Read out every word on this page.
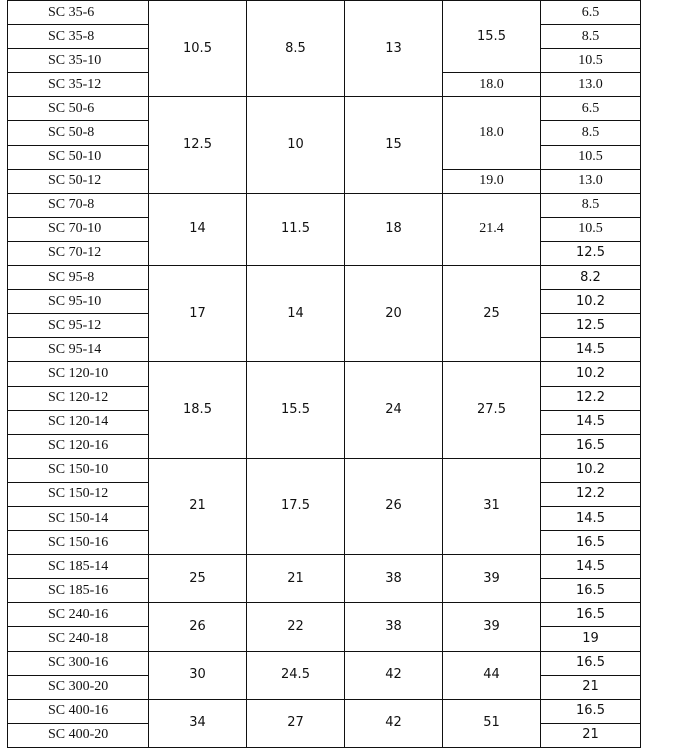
SC 35-6	10.5	8.5	13	15.5	6.5
SC 35-8					8.5
SC 35-10					10.5
SC 35-12				18.0	13.0
SC 50-6	12.5	10	15	18.0	6.5
SC 50-8					8.5
SC 50-10					10.5
SC 50-12				19.0	13.0
SC 70-8	14	11.5	18	21.4	8.5
SC 70-10					10.5
SC 70-12					12.5
SC 95-8	17	14	20	25	8.2
SC 95-10					10.2
SC 95-12					12.5
SC 95-14					14.5
SC 120-10	18.5	15.5	24	27.5	10.2
SC 120-12					12.2
SC 120-14					14.5
SC 120-16					16.5
SC 150-10	21	17.5	26	31	10.2
SC 150-12					12.2
SC 150-14					14.5
SC 150-16					16.5
SC 185-14	25	21	38	39	14.5
SC 185-16					16.5
SC 240-16	26	22	38	39	16.5
SC 240-18					19
SC 300-16	30	24.5	42	44	16.5
SC 300-20					21
SC 400-16	34	27	42	51	16.5
SC 400-20					21
